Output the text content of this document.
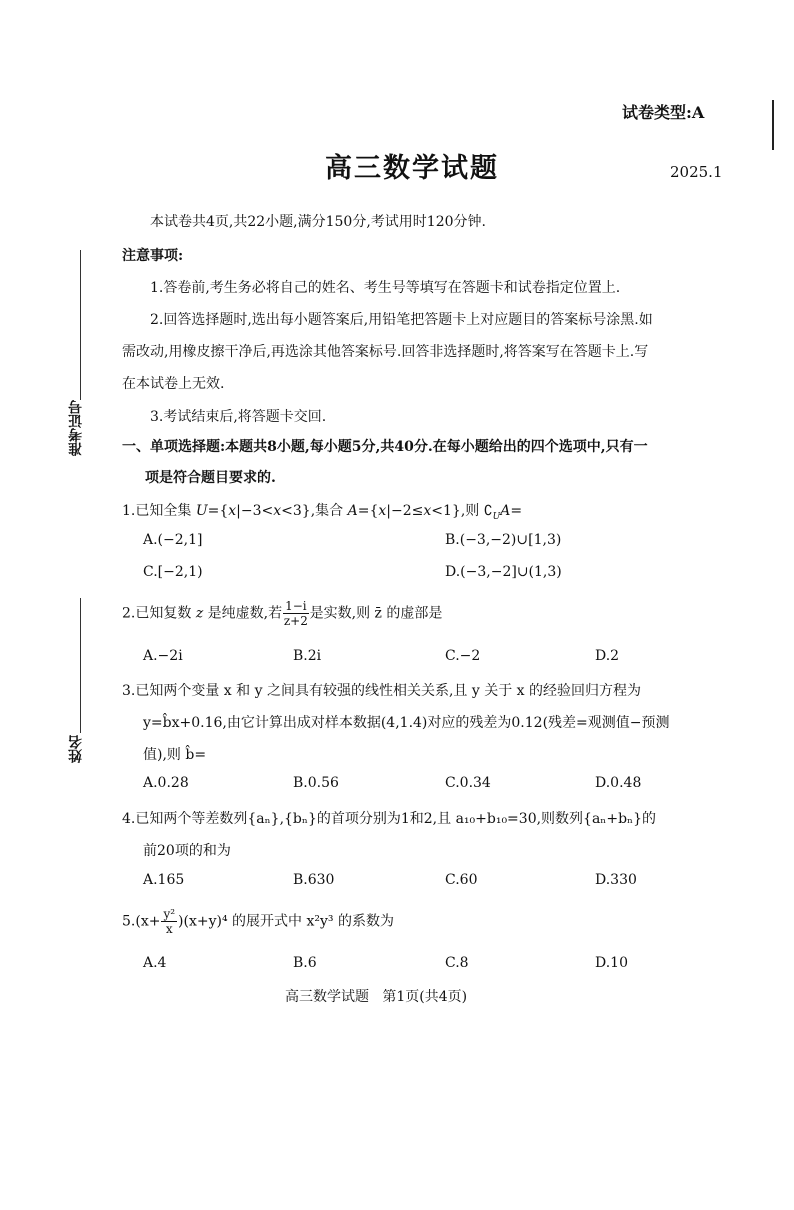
试卷类型:A
高三数学试题	2025.1
准考证号
姓名
本试卷共4页,共22小题,满分150分,考试用时120分钟.
注意事项:
1.答卷前,考生务必将自己的姓名、考生号等填写在答题卡和试卷指定位置上.
2.回答选择题时,选出每小题答案后,用铅笔把答题卡上对应题目的答案标号涂黑.如
需改动,用橡皮擦干净后,再选涂其他答案标号.回答非选择题时,将答案写在答题卡上.写
在本试卷上无效.
3.考试结束后,将答题卡交回.
一、单项选择题:本题共8小题,每小题5分,共40分.在每小题给出的四个选项中,只有一
项是符合题目要求的.
1.已知全集 U={x|−3<x<3},集合 A={x|−2≤x<1},则 $∁_UA=$
A.(−2,1]	B.(−3,−2)∪[1,3)
C.[−2,1)	D.(−3,−2]∪(1,3)
2.已知复数 z 是纯虚数,若 $\frac{1-i}{z+2}$ 是实数,则 z̄ 的虚部是
A.−2i	B.2i	C.−2	D.2
3.已知两个变量 x 和 y 之间具有较强的线性相关关系,且 y 关于 x 的经验回归方程为
y=b̂x+0.16,由它计算出成对样本数据(4,1.4)对应的残差为0.12(残差=观测值−预测
值),则 b̂=
A.0.28	B.0.56	C.0.34	D.0.48
4.已知两个等差数列{aₙ},{bₙ}的首项分别为1和2,且 a₁₀+b₁₀=30,则数列{aₙ+bₙ}的
前20项的和为
A.165	B.630	C.60	D.330
$5.(x+ \frac{\text{y²}}{x} )(x+y)^4$ 的展开式中 x²y³ 的系数为
A.4	B.6	C.8	D.10
高三数学试题   第1页(共4页)
